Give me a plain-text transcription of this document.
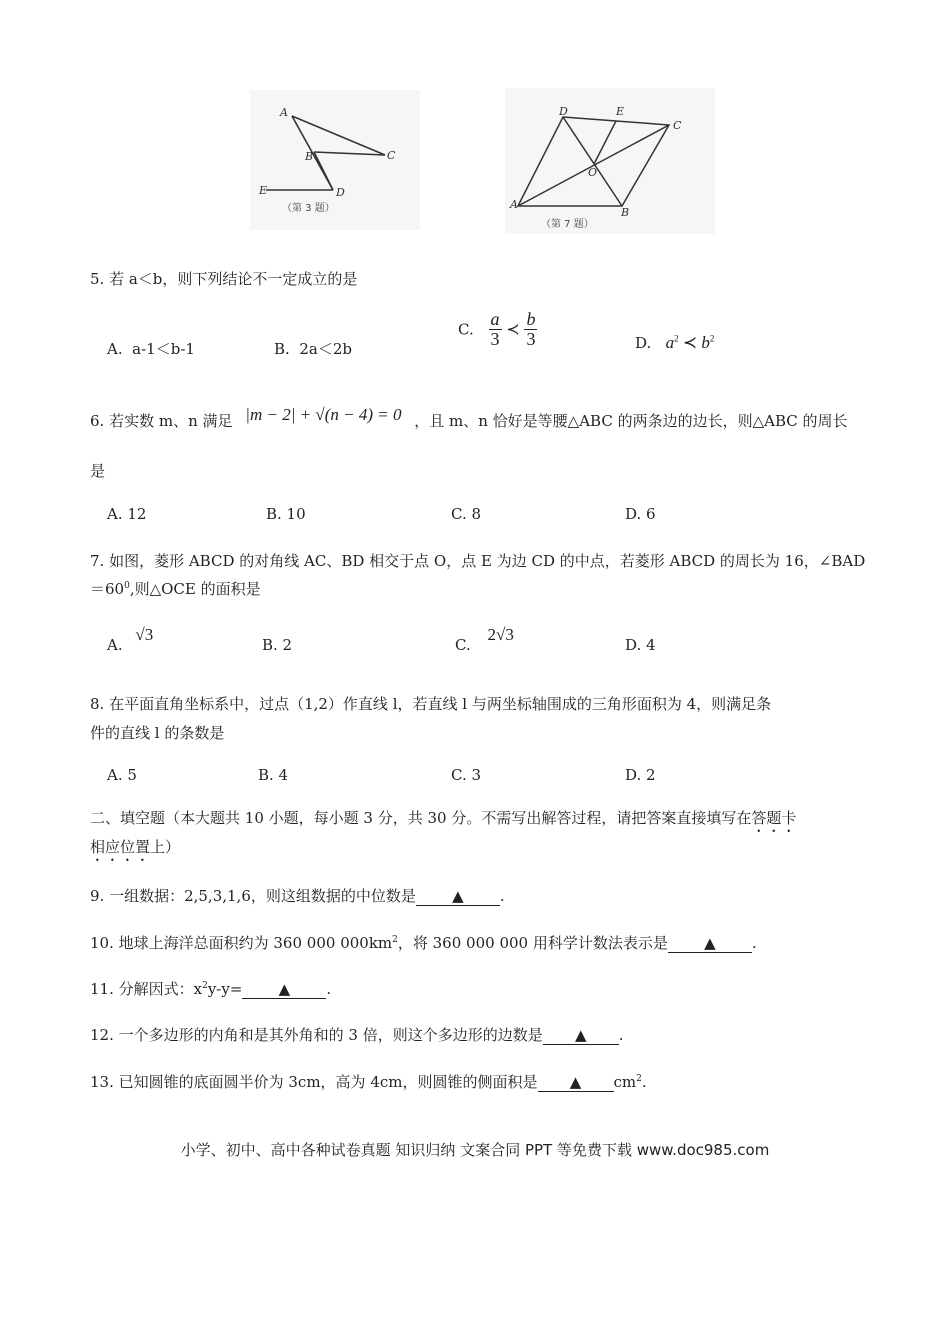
A
B	C
E	D
（第 3 题）
D	E
C
O
A
B
（第 7 题）
5. 若 a＜b，则下列结论不一定成立的是
A. a-1＜b-1	B. 2a＜2b
C. $\frac{a}{3}$ ≺ $\frac{b}{3}$	D. $a^2$ ≺ $b^2$
6. 若实数 m、n 满足 |m − 2| + √(n − 4) = 0 ，且 m、n 恰好是等腰△ABC 的两条边的边长，则△ABC 的周长
是
A. 12	B. 10	C. 8	D. 6
7. 如图，菱形 ABCD 的对角线 AC、BD 相交于点 O，点 E 为边 CD 的中点，若菱形 ABCD 的周长为 16，∠BAD
$=60^0$,则△OCE 的面积是
A. √3
B. 2	C. 2√3
D. 4
8. 在平面直角坐标系中，过点（1,2）作直线 l，若直线 l 与两坐标轴围成的三角形面积为 4，则满足条
件的直线 l 的条数是
A. 5	B. 4	C. 3	D. 2
二、填空题（本大题共 10 小题，每小题 3 分，共 30 分。不需写出解答过程，请把答案直接填写在答题卡
相应位置上）
9. 一组数据：2,5,3,1,6，则这组数据的中位数是 ▲ .
10. 地球上海洋总面积约为 360 000 $000km^2$，将 360 000 000 用科学计数法表示是 ▲ .
11. 分解因式：$x^2y-y=$ ▲ .
12. 一个多边形的内角和是其外角和的 3 倍，则这个多边形的边数是 ▲ .
13. 已知圆锥的底面圆半价为 3cm，高为 4cm，则圆锥的侧面积是 ▲ $cm^2$.
小学、初中、高中各种试卷真题 知识归纳 文案合同 PPT 等免费下载 www.doc985.com
